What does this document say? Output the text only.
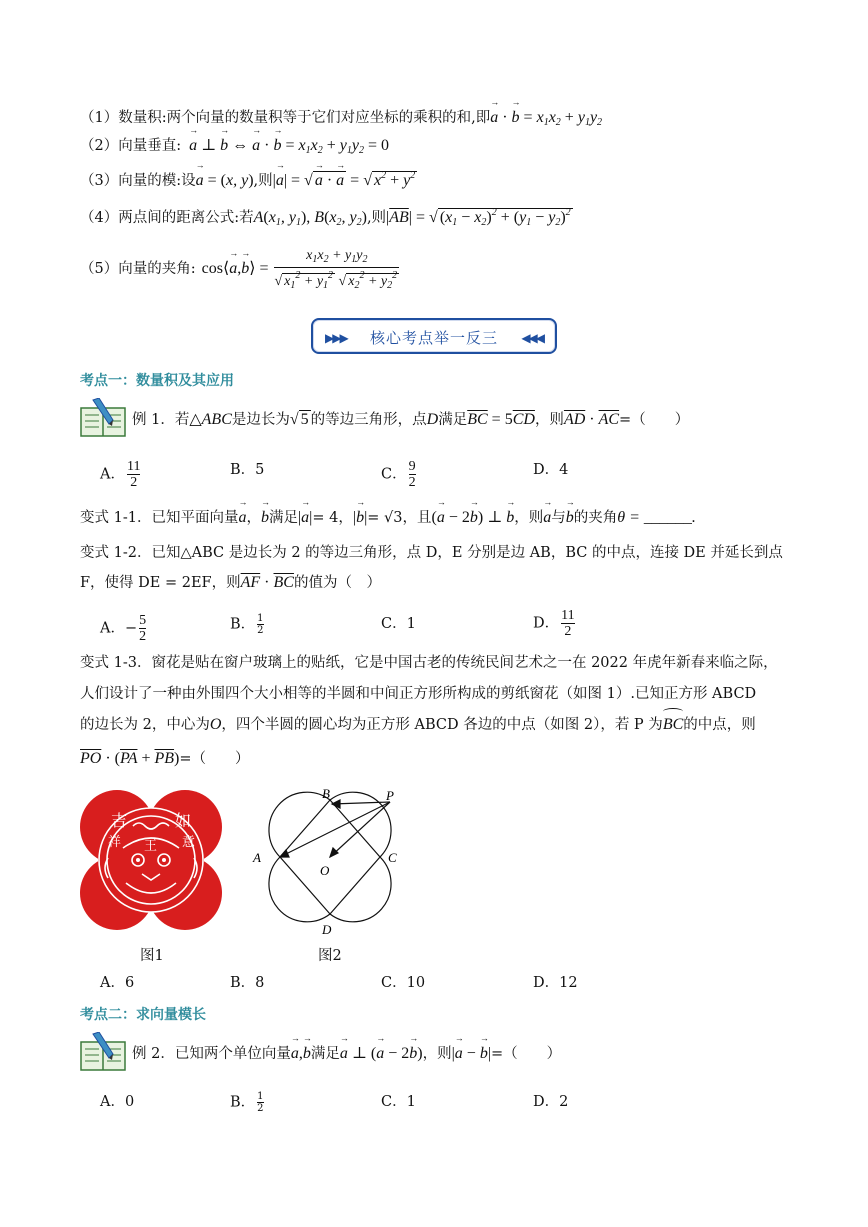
（1）数量积:两个向量的数量积等于它们对应坐标的乘积的和,即→ a · → $b = x_1x_2 + y_1y_2$
（2）向量垂直: → a ⊥ → b ⇔ → a · → $b = x_1x_2 + y_1y_2 = 0$
（3）向量的模:设→ a = (x, y),则|→ a| = √ → a · → a = √ $x^2 + y^2$
（4）两点间的距离公式:若$A(x_1$, $y_1$), $B(x_2$, $y_2$),则$|\overline{AB}|$ = √ $(x_1 - x_2)^2 + (y_1 - y_2)^2$
（5）向量的夹角: cos⟨→ a,→ b⟩ = $\frac{x_1x_2 + y_1y_2}{√ x_1^2 + y_1^2 √ x_2^2 + y_2^2}$
▶▶▶	核心考点举一反三	◀◀◀
考点一：数量积及其应用
例 1．若△ABC是边长为√ 5 的等边三角形，点D满足$\overline{BC} = 5\overline{CD}$，则$\overline{AD} \cdot \overline{AC}=$（　　）
A． $\frac{11}{2}$	B．5	C． $\frac{9}{2}$	D．4
变式 1-1．已知平面向量→ a，→ b满足|→ a|= 4，|→ b|= √3，且(→ a − 2→ b) ⊥ → b，则→ a与→ b的夹角θ = ______.
变式 1-2．已知△ABC 是边长为 2 的等边三角形，点 D，E 分别是边 AB，BC 的中点，连接 DE 并延长到点
F，使得 DE = 2EF，则$\overline{AF} \cdot \overline{BC}$的值为（　）
A．− $\frac{5}{2}$	B． $\frac{1}{2}$	C．1	D． $\frac{11}{2}$
变式 1-3．窗花是贴在窗户玻璃上的贴纸，它是中国古老的传统民间艺术之一在 2022 年虎年新春来临之际，
人们设计了一种由外围四个大小相等的半圆和中间正方形所构成的剪纸窗花（如图 1）.已知正方形 ABCD
的边长为 2，中心为O，四个半圆的圆心均为正方形 ABCD 各边的中点（如图 2），若 P 为BC
的中点，则
$\overline{PO} \cdot (\overline{PA} + \overline{PB})=$（　　）
吉
祥
如
意
王
图1
B	P
A
O
C
D
图2
A．6	B．8	C．10	D．12
考点二：求向量模长
例 2．已知两个单位向量→ a,→ b满足→ a ⊥ (→ a − 2→ b)，则|→ a − → b|=（　　）
A．0	B． $\frac{1}{2}$	C．1	D．2
